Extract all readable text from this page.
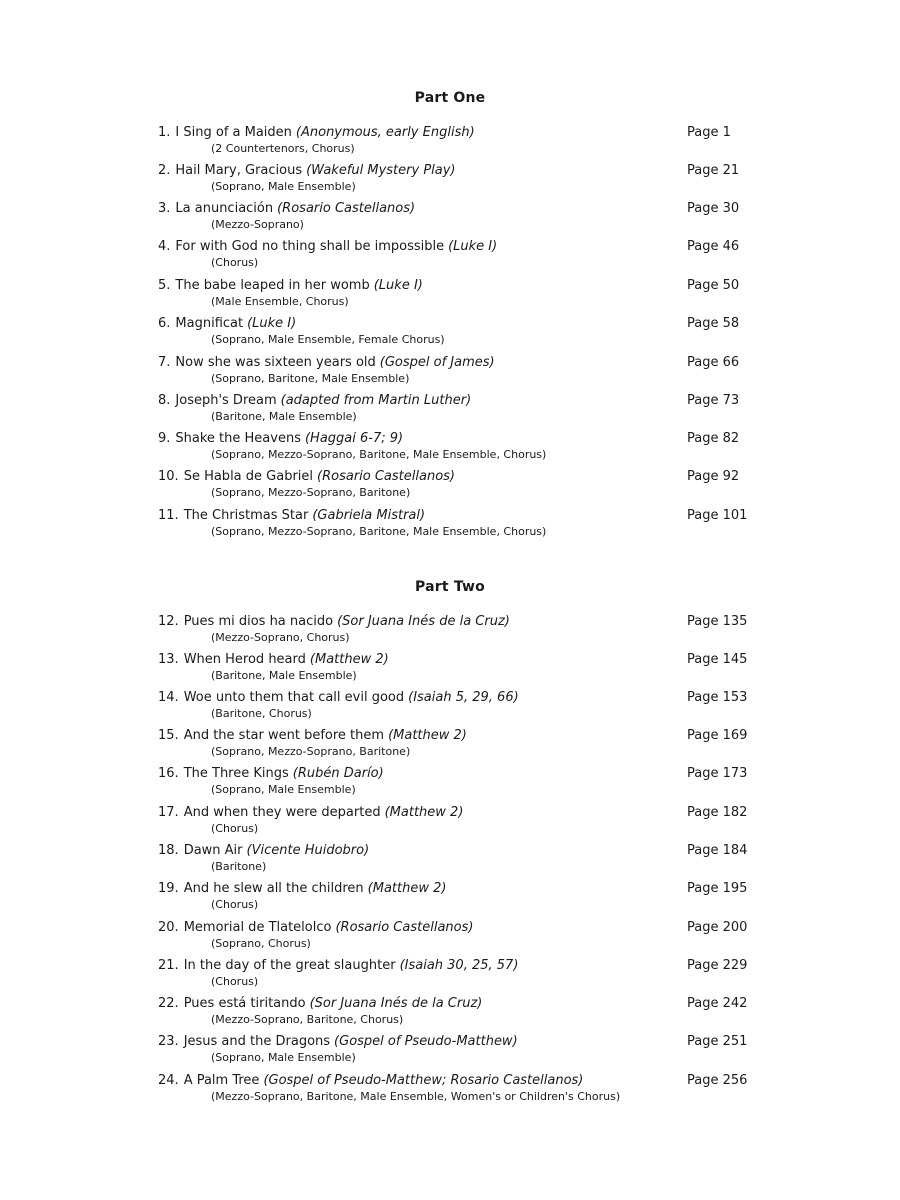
Part One
1. I Sing of a Maiden (Anonymous, early English)
(2 Countertenors, Chorus)
Page 1
2. Hail Mary, Gracious (Wakeful Mystery Play)
(Soprano, Male Ensemble)
Page 21
3. La anunciación (Rosario Castellanos)
(Mezzo-Soprano)
Page 30
4. For with God no thing shall be impossible (Luke I)
(Chorus)
Page 46
5. The babe leaped in her womb (Luke I)
(Male Ensemble, Chorus)
Page 50
6. Magnificat (Luke I)
(Soprano, Male Ensemble, Female Chorus)
Page 58
7. Now she was sixteen years old (Gospel of James)
(Soprano, Baritone, Male Ensemble)
Page 66
8. Joseph's Dream (adapted from Martin Luther)
(Baritone, Male Ensemble)
Page 73
9. Shake the Heavens (Haggai 6-7; 9)
(Soprano, Mezzo-Soprano, Baritone, Male Ensemble, Chorus)
Page 82
10. Se Habla de Gabriel (Rosario Castellanos)
(Soprano, Mezzo-Soprano, Baritone)
Page 92
11. The Christmas Star (Gabriela Mistral)
(Soprano, Mezzo-Soprano, Baritone, Male Ensemble, Chorus)
Page 101
Part Two
12. Pues mi dios ha nacido (Sor Juana Inés de la Cruz)
(Mezzo-Soprano, Chorus)
Page 135
13. When Herod heard (Matthew 2)
(Baritone, Male Ensemble)
Page 145
14. Woe unto them that call evil good (Isaiah 5, 29, 66)
(Baritone, Chorus)
Page 153
15. And the star went before them (Matthew 2)
(Soprano, Mezzo-Soprano, Baritone)
Page 169
16. The Three Kings (Rubén Darío)
(Soprano, Male Ensemble)
Page 173
17. And when they were departed (Matthew 2)
(Chorus)
Page 182
18. Dawn Air (Vicente Huidobro)
(Baritone)
Page 184
19. And he slew all the children (Matthew 2)
(Chorus)
Page 195
20. Memorial de Tlatelolco (Rosario Castellanos)
(Soprano, Chorus)
Page 200
21. In the day of the great slaughter (Isaiah 30, 25, 57)
(Chorus)
Page 229
22. Pues está tiritando (Sor Juana Inés de la Cruz)
(Mezzo-Soprano, Baritone, Chorus)
Page 242
23. Jesus and the Dragons (Gospel of Pseudo-Matthew)
(Soprano, Male Ensemble)
Page 251
24. A Palm Tree (Gospel of Pseudo-Matthew; Rosario Castellanos)
(Mezzo-Soprano, Baritone, Male Ensemble, Women's or Children's Chorus)
Page 256
